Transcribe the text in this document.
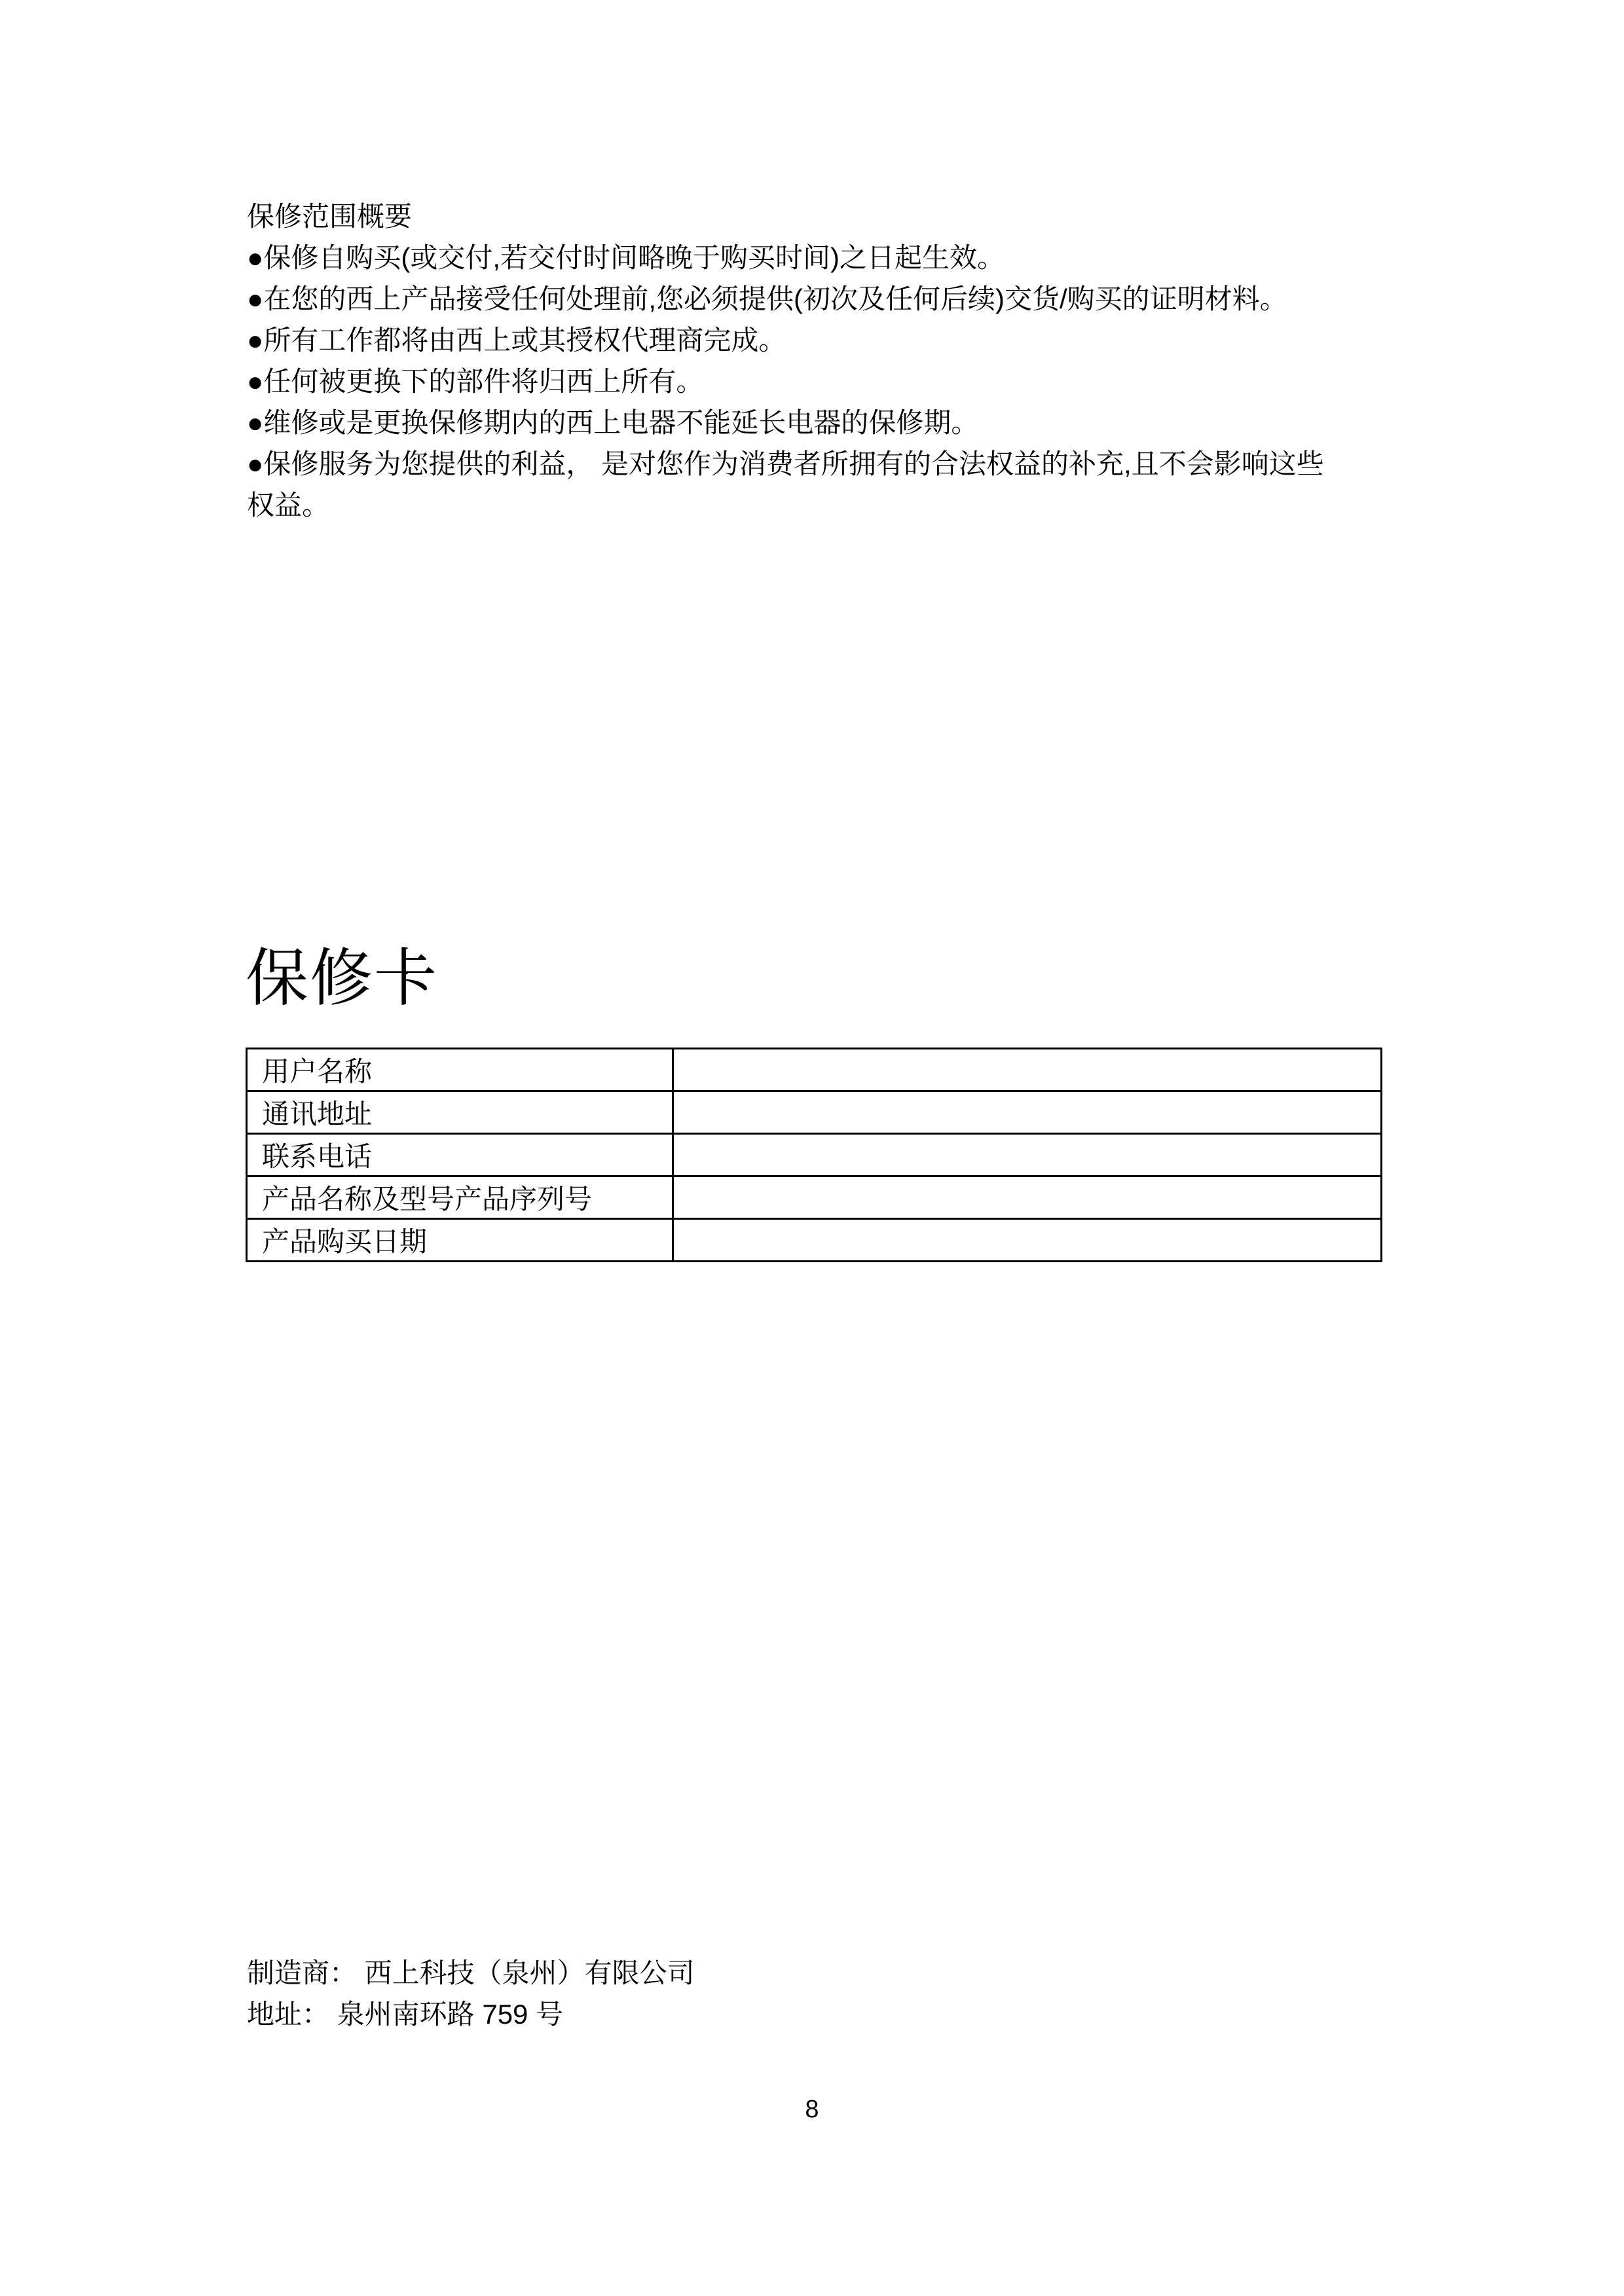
保修范围概要
●保修自购买(或交付,若交付时间略晚于购买时间)之日起生效。
●在您的西上产品接受任何处理前,您必须提供(初次及任何后续)交货/购买的证明材料。
●所有工作都将由西上或其授权代理商完成。
●任何被更换下的部件将归西上所有。
●维修或是更换保修期内的西上电器不能延长电器的保修期。
●保修服务为您提供的利益， 是对您作为消费者所拥有的合法权益的补充,且不会影响这些
权益。
保修卡
用户名称	
通讯地址	
联系电话	
产品名称及型号产品序列号	
产品购买日期	
制造商： 西上科技（泉州）有限公司
地址： 泉州南环路 759 号
8
